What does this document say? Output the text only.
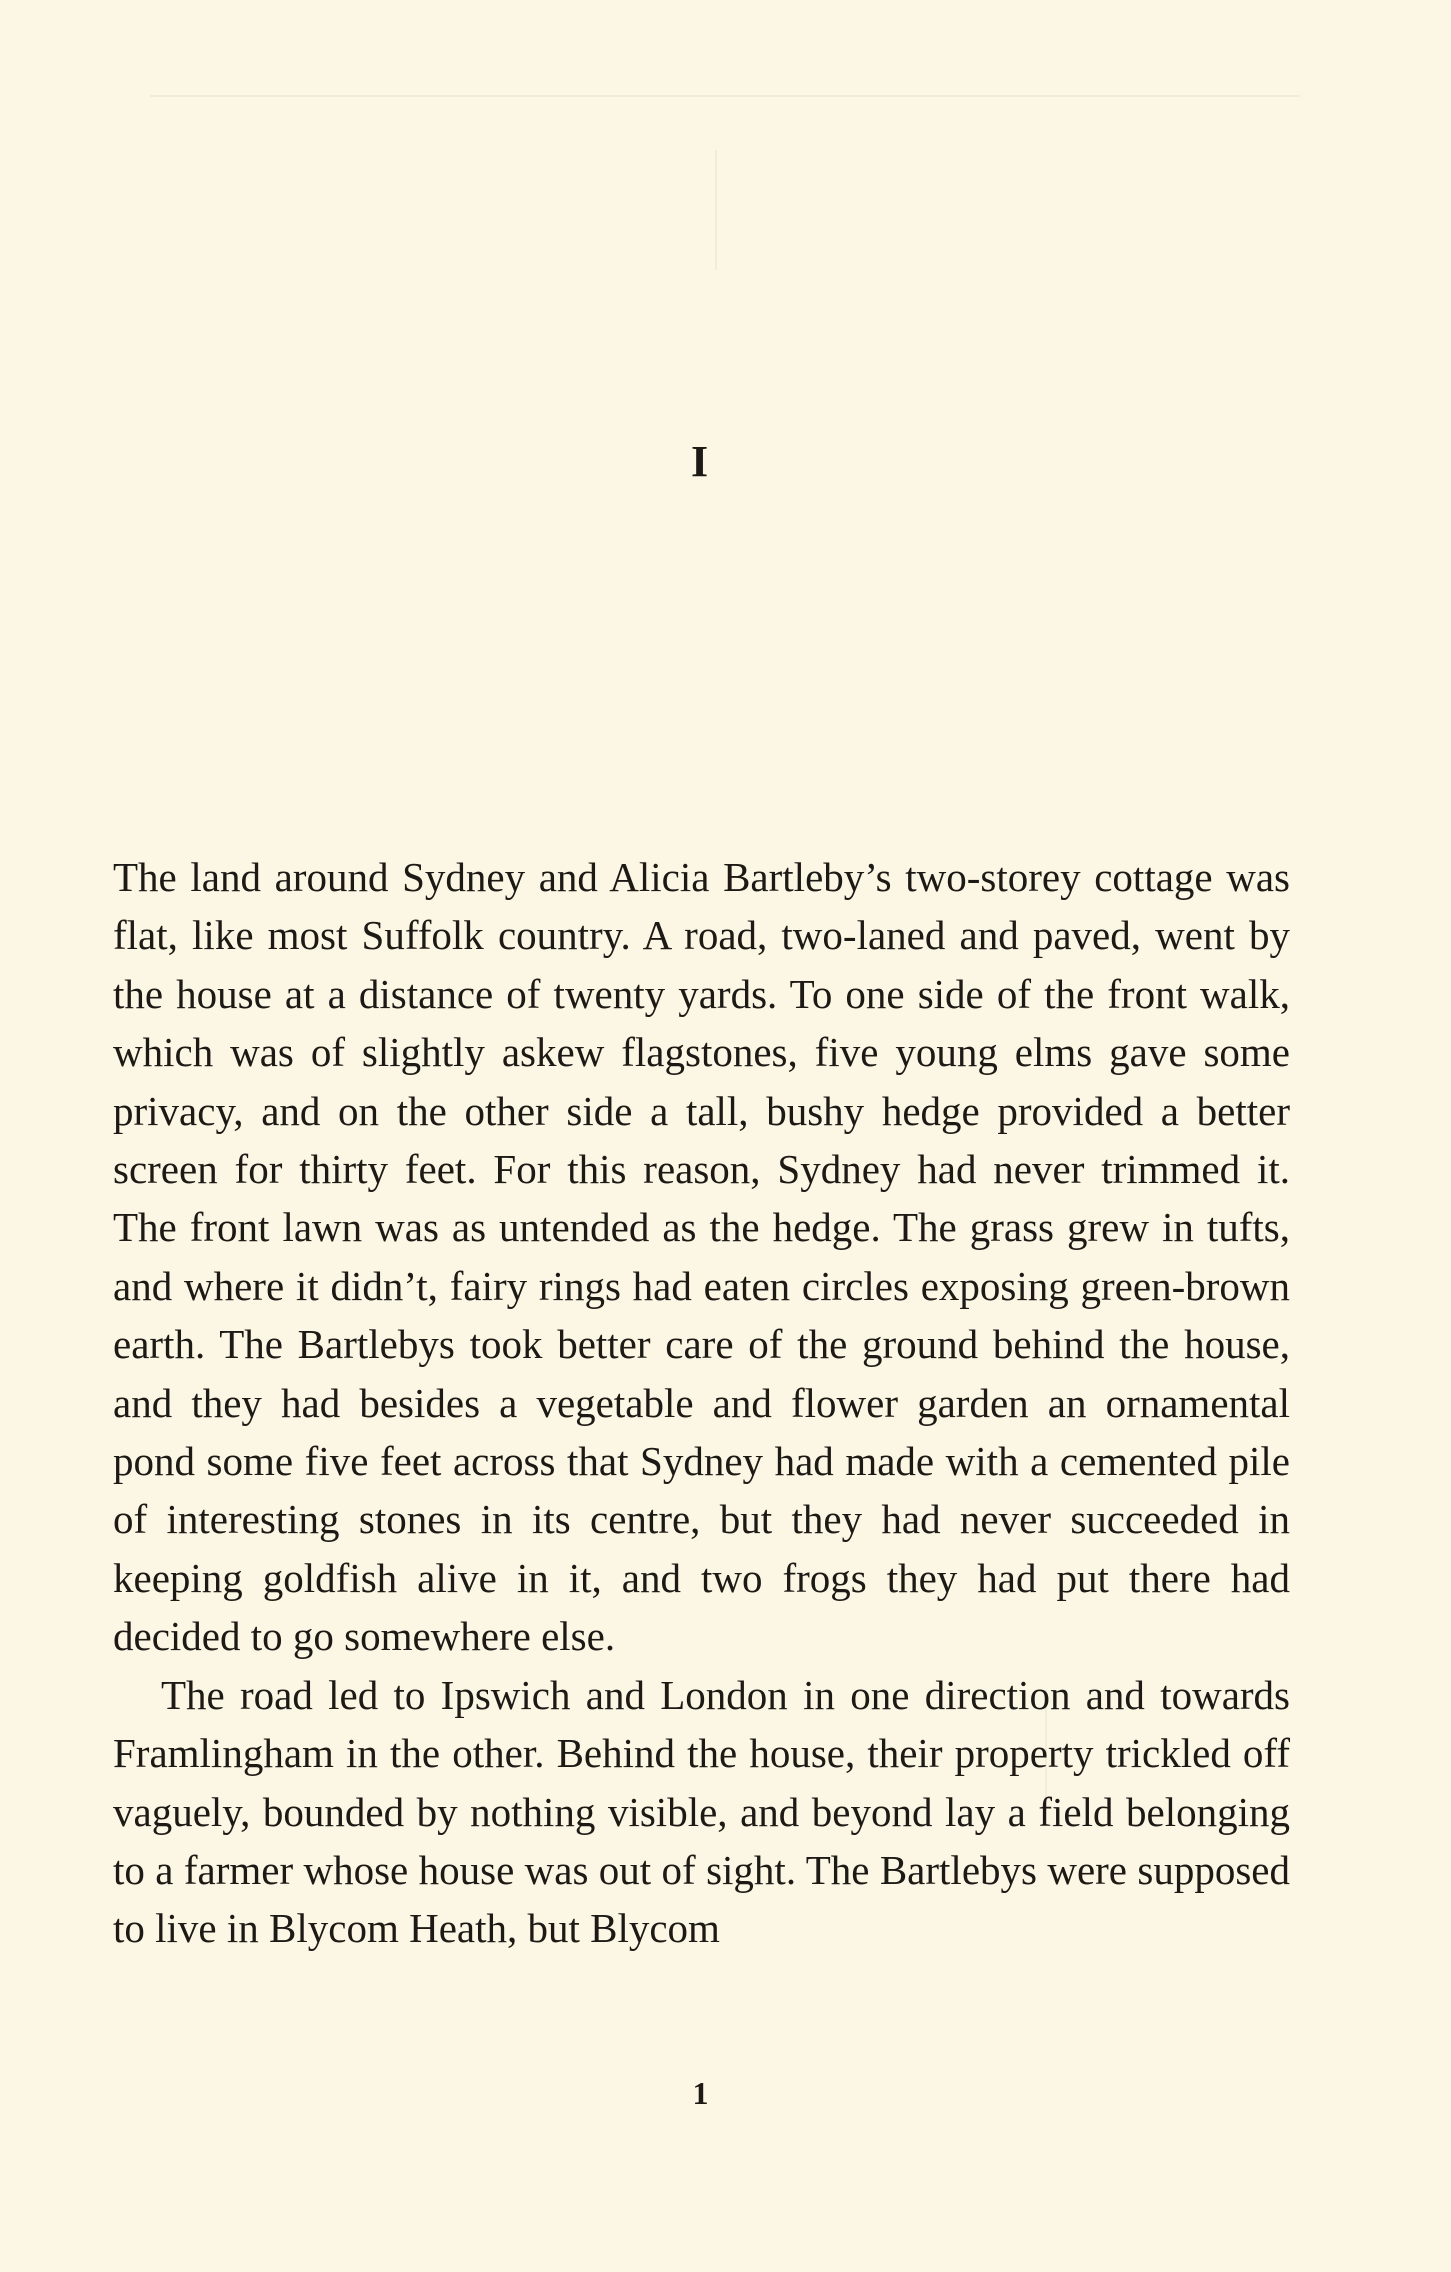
I

The land around Sydney and Alicia Bartleby’s two-storey cottage was flat, like most Suffolk country. A road, two-laned and paved, went by the house at a distance of twenty yards. To one side of the front walk, which was of slightly askew flagstones, five young elms gave some privacy, and on the other side a tall, bushy hedge provided a better screen for thirty feet. For this reason, Sydney had never trimmed it. The front lawn was as untended as the hedge. The grass grew in tufts, and where it didn’t, fairy rings had eaten circles exposing green-brown earth. The Bartlebys took better care of the ground behind the house, and they had besides a vegetable and flower garden an ornamental pond some five feet across that Sydney had made with a cemented pile of interesting stones in its centre, but they had never succeeded in keeping goldfish alive in it, and two frogs they had put there had decided to go somewhere else.

The road led to Ipswich and London in one direction and towards Framlingham in the other. Behind the house, their property trickled off vaguely, bounded by nothing visible, and beyond lay a field belonging to a farmer whose house was out of sight. The Bartlebys were supposed to live in Blycom Heath, but Blycom

1
